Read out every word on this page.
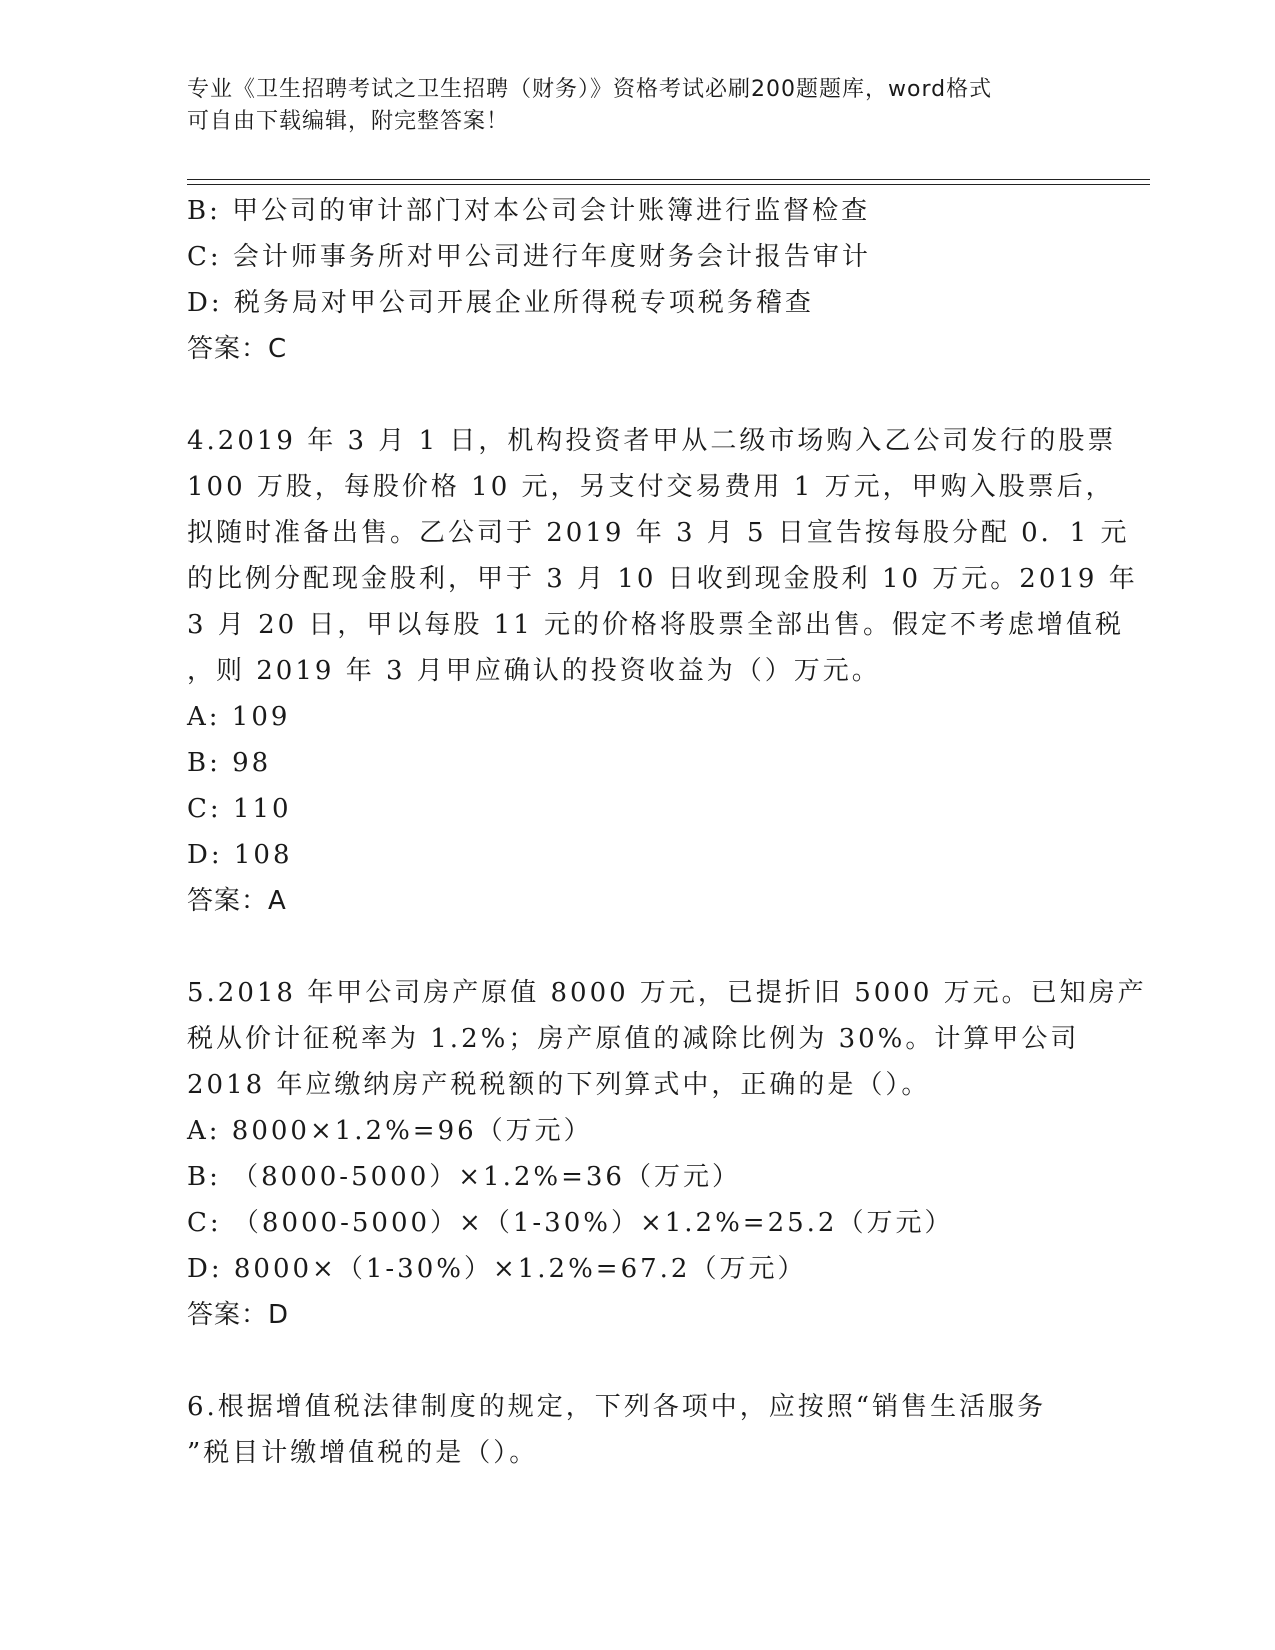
专业《卫生招聘考试之卫生招聘（财务）》资格考试必刷200题题库，word格式
可自由下载编辑，附完整答案！
B: 甲公司的审计部门对本公司会计账簿进行监督检查
C: 会计师事务所对甲公司进行年度财务会计报告审计
D: 税务局对甲公司开展企业所得税专项税务稽查
答案：C
4.2019 年 3 月 1 日，机构投资者甲从二级市场购入乙公司发行的股票
100 万股，每股价格 10 元，另支付交易费用 1 万元，甲购入股票后，
拟随时准备出售。乙公司于 2019 年 3 月 5 日宣告按每股分配 0．1 元
的比例分配现金股利，甲于 3 月 10 日收到现金股利 10 万元。2019 年
3 月 20 日，甲以每股 11 元的价格将股票全部出售。假定不考虑增值税
，则 2019 年 3 月甲应确认的投资收益为（）万元。
A: 109
B: 98
C: 110
D: 108
答案：A
5.2018 年甲公司房产原值 8000 万元，已提折旧 5000 万元。已知房产
税从价计征税率为 1.2%；房产原值的减除比例为 30%。计算甲公司
2018 年应缴纳房产税税额的下列算式中，正确的是（）。
A: 8000×1.2%=96（万元）
B: （8000-5000）×1.2%=36（万元）
C: （8000-5000）×（1-30%）×1.2%=25.2（万元）
D: 8000×（1-30%）×1.2%=67.2（万元）
答案：D
6.根据增值税法律制度的规定，下列各项中，应按照“销售生活服务
”税目计缴增值税的是（）。
